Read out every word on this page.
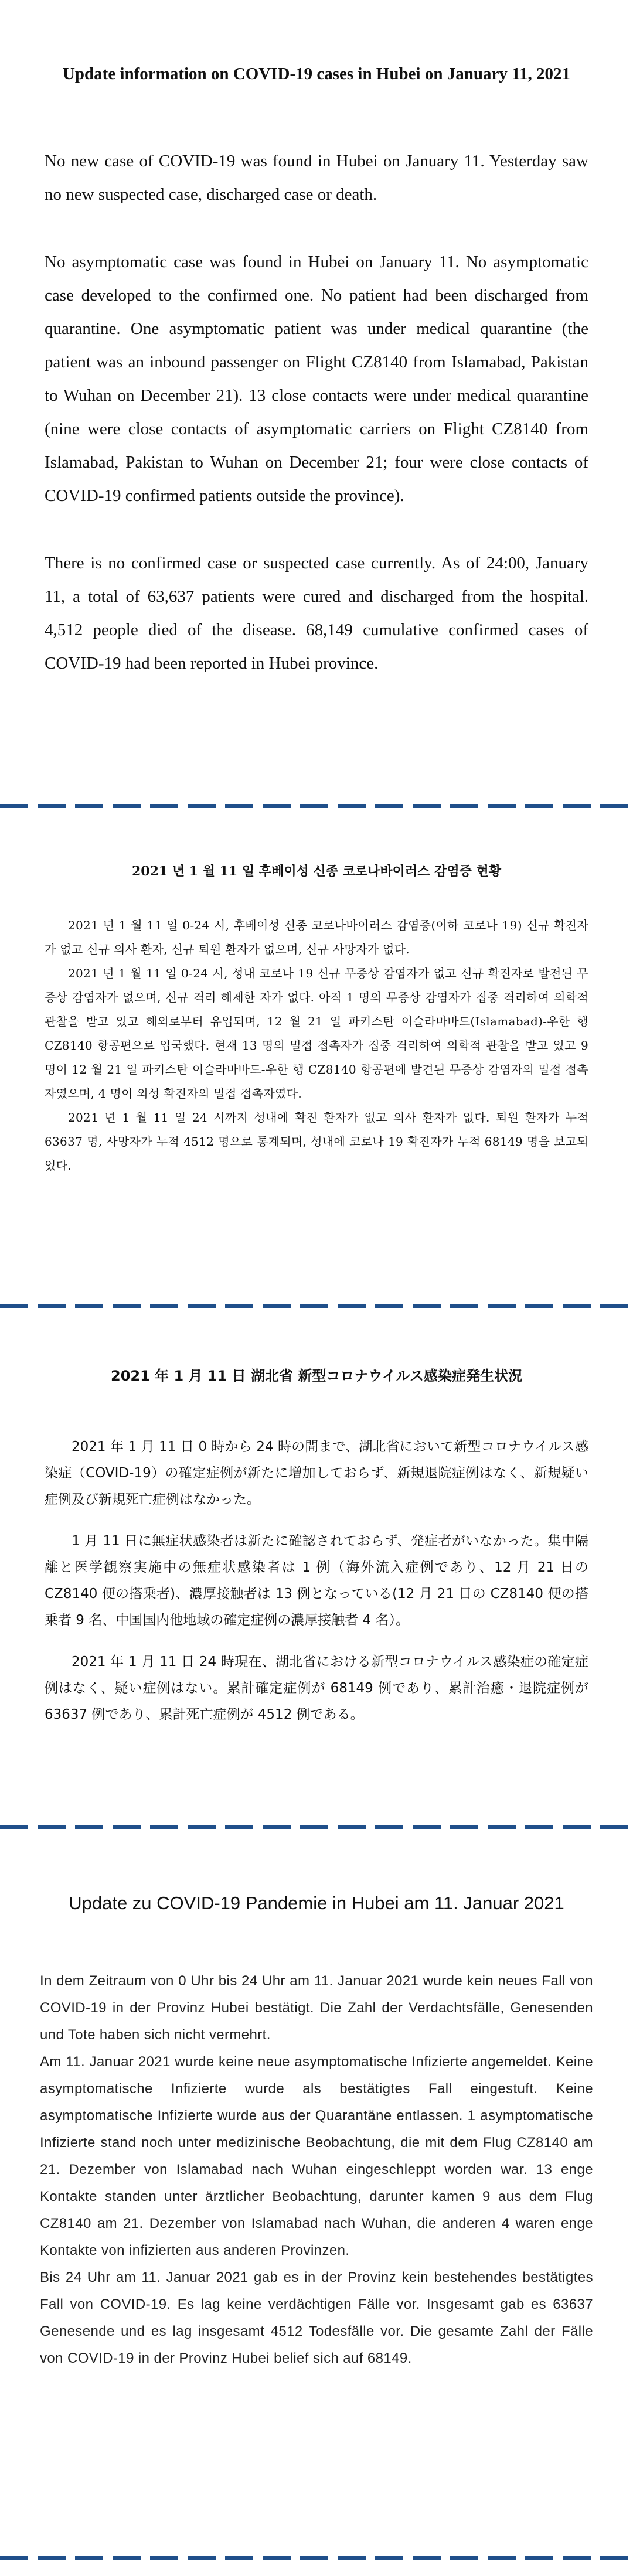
Update information on COVID-19 cases in Hubei on January 11, 2021

No new case of COVID-19 was found in Hubei on January 11. Yesterday saw no new suspected case, discharged case or death.

No asymptomatic case was found in Hubei on January 11. No asymptomatic case developed to the confirmed one. No patient had been discharged from quarantine. One asymptomatic patient was under medical quarantine (the patient was an inbound passenger on Flight CZ8140 from Islamabad, Pakistan to Wuhan on December 21). 13 close contacts were under medical quarantine (nine were close contacts of asymptomatic carriers on Flight CZ8140 from Islamabad, Pakistan to Wuhan on December 21; four were close contacts of COVID-19 confirmed patients outside the province).

There is no confirmed case or suspected case currently. As of 24:00, January 11, a total of 63,637 patients were cured and discharged from the hospital. 4,512 people died of the disease. 68,149 cumulative confirmed cases of COVID-19 had been reported in Hubei province.

2021 년 1 월 11 일 후베이성 신종 코로나바이러스 감염증 현황

2021 년 1 월 11 일 0-24 시, 후베이성 신종 코로나바이러스 감염증(이하 코로나 19) 신규 확진자가 없고 신규 의사 환자, 신규 퇴원 환자가 없으며, 신규 사망자가 없다.

2021 년 1 월 11 일 0-24 시, 성내 코로나 19 신규 무증상 감염자가 없고 신규 확진자로 발전된 무증상 감염자가 없으며, 신규 격리 해제한 자가 없다. 아직 1 명의 무증상 감염자가 집중 격리하여 의학적 관찰을 받고 있고 해외로부터 유입되며, 12 월 21 일 파키스탄 이슬라마바드(Islamabad)-우한 행 CZ8140 항공편으로 입국했다. 현재 13 명의 밀접 접촉자가 집중 격리하여 의학적 관찰을 받고 있고 9 명이 12 월 21 일 파키스탄 이슬라마바드-우한 행 CZ8140 항공편에 발견된 무증상 감염자의 밀접 접촉자였으며, 4 명이 외성 확진자의 밀접 접촉자였다.

2021 년 1 월 11 일 24 시까지 성내에 확진 환자가 없고 의사 환자가 없다. 퇴원 환자가 누적 63637 명, 사망자가 누적 4512 명으로 통계되며, 성내에 코로나 19 확진자가 누적 68149 명을 보고되었다.

2021 年 1 月 11 日 湖北省 新型コロナウイルス感染症発生状況

2021 年 1 月 11 日 0 時から 24 時の間まで、湖北省において新型コロナウイルス感染症（COVID-19）の確定症例が新たに増加しておらず、新規退院症例はなく、新規疑い症例及び新規死亡症例はなかった。

1 月 11 日に無症状感染者は新たに確認されておらず、発症者がいなかった。集中隔離と医学観察実施中の無症状感染者は 1 例（海外流入症例であり、12 月 21 日の CZ8140 便の搭乗者)、濃厚接触者は 13 例となっている(12 月 21 日の CZ8140 便の搭乗者 9 名、中国国内他地域の確定症例の濃厚接触者 4 名）。

2021 年 1 月 11 日 24 時現在、湖北省における新型コロナウイルス感染症の確定症例はなく、疑い症例はない。累計確定症例が 68149 例であり、累計治癒・退院症例が 63637 例であり、累計死亡症例が 4512 例である。

Update zu COVID-19 Pandemie in Hubei am 11. Januar 2021

In dem Zeitraum von 0 Uhr bis 24 Uhr am 11. Januar 2021 wurde kein neues Fall von COVID-19 in der Provinz Hubei bestätigt. Die Zahl der Verdachtsfälle, Genesenden und Tote haben sich nicht vermehrt.

Am 11. Januar 2021 wurde keine neue asymptomatische Infizierte angemeldet. Keine asymptomatische Infizierte wurde als bestätigtes Fall eingestuft. Keine asymptomatische Infizierte wurde aus der Quarantäne entlassen. 1 asymptomatische Infizierte stand noch unter medizinische Beobachtung, die mit dem Flug CZ8140 am 21. Dezember von Islamabad nach Wuhan eingeschleppt worden war. 13 enge Kontakte standen unter ärztlicher Beobachtung, darunter kamen 9 aus dem Flug CZ8140 am 21. Dezember von Islamabad nach Wuhan, die anderen 4 waren enge Kontakte von infizierten aus anderen Provinzen.

Bis 24 Uhr am 11. Januar 2021 gab es in der Provinz kein bestehendes bestätigtes Fall von COVID-19. Es lag keine verdächtigen Fälle vor. Insgesamt gab es 63637 Genesende und es lag insgesamt 4512 Todesfälle vor. Die gesamte Zahl der Fälle von COVID-19 in der Provinz Hubei belief sich auf 68149.
